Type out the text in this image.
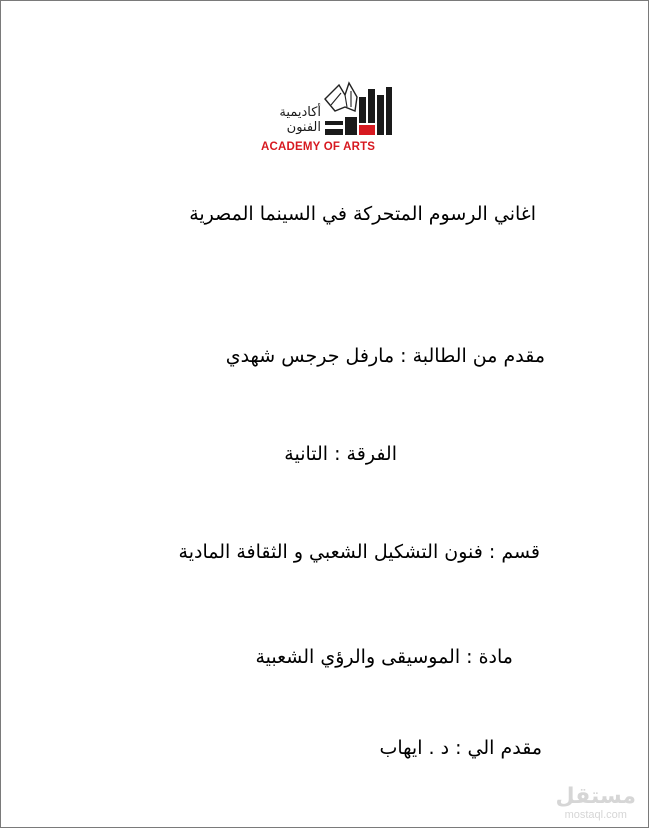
أكاديمية الفنون
ACADEMY OF ARTS
اغاني الرسوم المتحركة في السينما المصرية
مقدم من الطالبة : مارفل جرجس شهدي
الفرقة : التانية
قسم : فنون التشكيل الشعبي و الثقافة المادية
مادة : الموسيقى والرؤي الشعبية
مقدم الي : د . ايهاب
مستقل
mostaql.com
